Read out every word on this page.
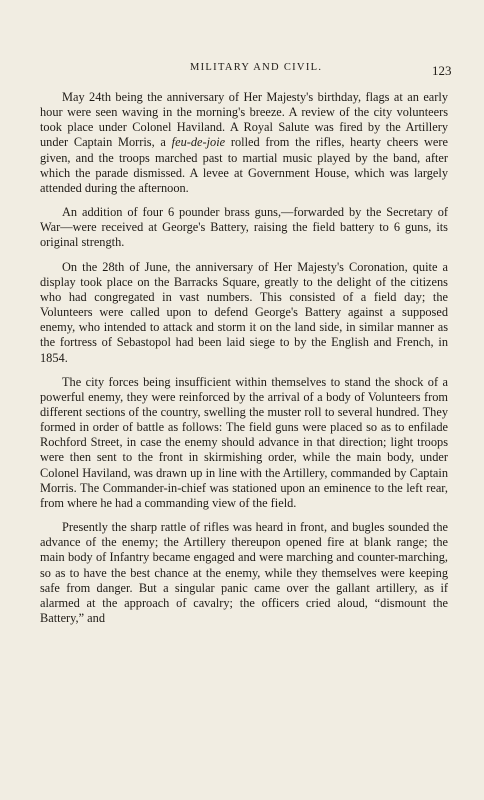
MILITARY AND CIVIL.	123

May 24th being the anniversary of Her Majesty's birthday, flags at an early hour were seen waving in the morning's breeze. A review of the city volunteers took place under Colonel Haviland. A Royal Salute was fired by the Artillery under Captain Morris, a feu-de-joie rolled from the rifles, hearty cheers were given, and the troops marched past to martial music played by the band, after which the parade dismissed. A levee at Government House, which was largely attended during the afternoon.

An addition of four 6 pounder brass guns,—forwarded by the Secretary of War—were received at George's Battery, raising the field battery to 6 guns, its original strength.

On the 28th of June, the anniversary of Her Majesty's Coronation, quite a display took place on the Barracks Square, greatly to the delight of the citizens who had congregated in vast numbers. This consisted of a field day; the Volunteers were called upon to defend George's Battery against a supposed enemy, who intended to attack and storm it on the land side, in similar manner as the fortress of Sebastopol had been laid siege to by the English and French, in 1854.

The city forces being insufficient within themselves to stand the shock of a powerful enemy, they were reinforced by the arrival of a body of Volunteers from different sections of the country, swelling the muster roll to several hundred. They formed in order of battle as follows: The field guns were placed so as to enfilade Rochford Street, in case the enemy should advance in that direction; light troops were then sent to the front in skirmishing order, while the main body, under Colonel Haviland, was drawn up in line with the Artillery, commanded by Captain Morris. The Commander-in-chief was stationed upon an eminence to the left rear, from where he had a commanding view of the field.

Presently the sharp rattle of rifles was heard in front, and bugles sounded the advance of the enemy; the Artillery thereupon opened fire at blank range; the main body of Infantry became engaged and were marching and counter-marching, so as to have the best chance at the enemy, while they themselves were keeping safe from danger. But a singular panic came over the gallant artillery, as if alarmed at the approach of cavalry; the officers cried aloud, “dismount the Battery,” and
